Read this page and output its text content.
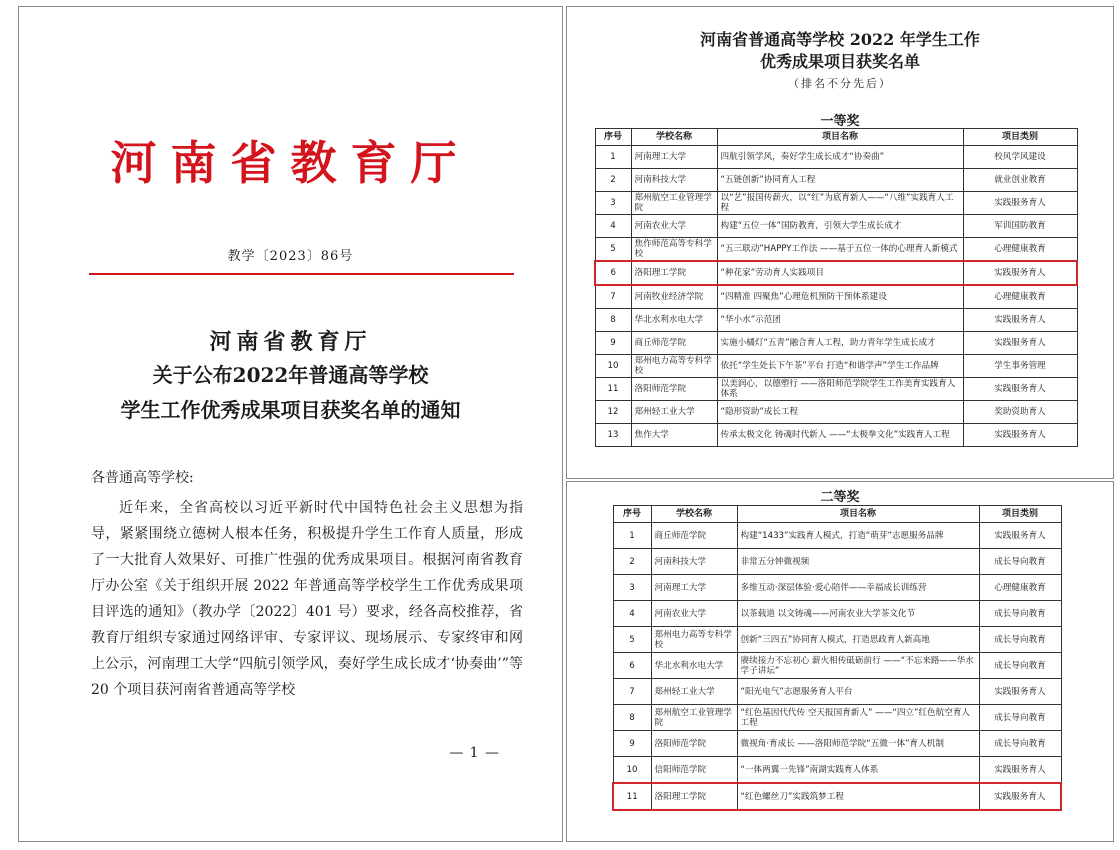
河南省教育厅
教学〔2023〕86号
河南省教育厅
关于公布2022年普通高等学校
学生工作优秀成果项目获奖名单的通知
各普通高等学校:
近年来，全省高校以习近平新时代中国特色社会主义思想为指导，紧紧围绕立德树人根本任务，积极提升学生工作育人质量，形成了一大批育人效果好、可推广性强的优秀成果项目。根据河南省教育厅办公室《关于组织开展 2022 年普通高等学校学生工作优秀成果项目评选的通知》（教办学〔2022〕401 号）要求，经各高校推荐，省教育厅组织专家通过网络评审、专家评议、现场展示、专家终审和网上公示，河南理工大学“四航引领学风，奏好学生成长成才‘协奏曲’”等 20 个项目获河南省普通高等学校
— 1 —
河南省普通高等学校 2022 年学生工作
优秀成果项目获奖名单
（排名不分先后）
一等奖
序号	学校名称	项目名称	项目类别
1	河南理工大学	四航引领学风，奏好学生成长成才“协奏曲”	校风学风建设
2	河南科技大学	“五链创新”协同育人工程	就业创业教育
3	郑州航空工业管理学院	以“艺”报国传薪火，以“红”为底育新人——“八维”实践育人工程	实践服务育人
4	河南农业大学	构建“五位一体”国防教育，引领大学生成长成才	军训国防教育
5	焦作师范高等专科学校	“五三联动”HAPPY工作法 ——基于五位一体的心理育人新模式	心理健康教育
6	洛阳理工学院	“种花家”劳动育人实践项目	实践服务育人
7	河南牧业经济学院	“四精准 四聚焦”心理危机预防干预体系建设	心理健康教育
8	华北水利水电大学	“华小水”示范团	实践服务育人
9	商丘师范学院	实施小橘灯“五青”融合育人工程，助力青年学生成长成才	实践服务育人
10	郑州电力高等专科学校	依托“学生处长下午茶”平台 打造“和谐学声”学生工作品牌	学生事务管理
11	洛阳师范学院	以美润心，以德塑行 ——洛阳师范学院学生工作美育实践育人体系	实践服务育人
12	郑州轻工业大学	“隐形资助”成长工程	奖助资助育人
13	焦作大学	传承太极文化 铸魂时代新人 ——“太极拳文化”实践育人工程	实践服务育人
二等奖
序号	学校名称	项目名称	项目类别
1	商丘师范学院	构建“1433”实践育人模式，打造“萌芽”志愿服务品牌	实践服务育人
2	河南科技大学	非常五分钟微视频	成长导向教育
3	河南理工大学	多维互动·深层体验·爱心陪伴——幸福成长训练营	心理健康教育
4	河南农业大学	以茶载道 以文铸魂——河南农业大学茶文化节	成长导向教育
5	郑州电力高等专科学校	创新“三四五”协同育人模式，打造思政育人新高地	成长导向教育
6	华北水利水电大学	赓续接力不忘初心 薪火相传砥砺前行 ——“不忘来路——华水学子讲坛”	成长导向教育
7	郑州轻工业大学	“阳光电气”志愿服务育人平台	实践服务育人
8	郑州航空工业管理学院	“红色基因代代传 空天报国育新人” ——“四立”红色航空育人工程	成长导向教育
9	洛阳师范学院	微视角·育成长 ——洛阳师范学院“五微一体”育人机制	成长导向教育
10	信阳师范学院	“一体两翼一先锋”南湖实践育人体系	实践服务育人
11	洛阳理工学院	“红色螺丝刀”实践筑梦工程	实践服务育人
